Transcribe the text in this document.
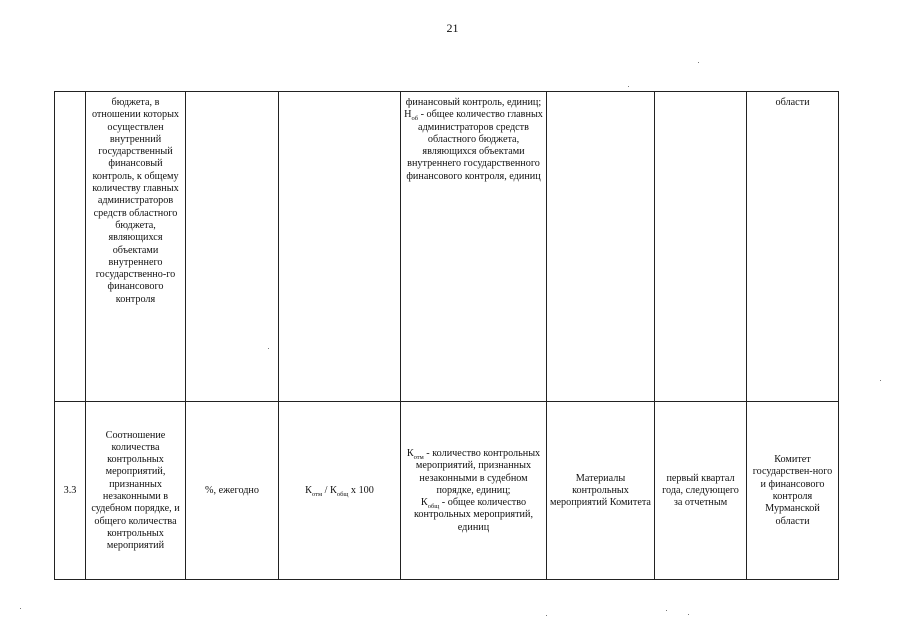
21
	бюджета, в отношении которых осуществлен внутренний государственный финансовый контроль, к общему количеству главных администраторов средств областного бюджета, являющихся объектами внутреннего государственно-го финансового контроля			финансовый контроль, единиц;
$Н_{об}$ - общее количество главных администраторов средств областного бюджета, являющихся объектами внутреннего государственного финансового контроля, единиц			области
3.3	Соотношение количества контрольных мероприятий, признанных незаконными в судебном порядке, и общего количества контрольных мероприятий	%, ежегодно	$К_{отм} / К_{общ}$ х 100	$К_{отм}$ - количество контрольных мероприятий, признанных незаконными в судебном порядке, единиц;
$К_{общ}$ - общее количество контрольных мероприятий, единиц	Материалы контрольных мероприятий Комитета	первый квартал года, следующего за отчетным	Комитет государствен-ного и финансового контроля Мурманской области
